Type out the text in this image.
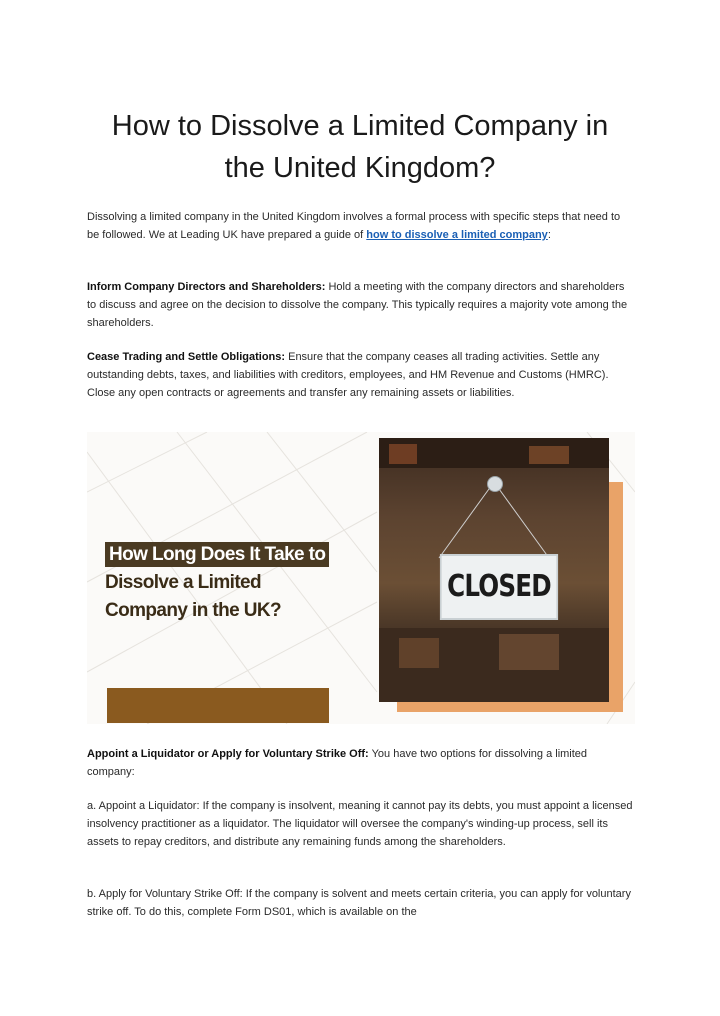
How to Dissolve a Limited Company in
the United Kingdom?

Dissolving a limited company in the United Kingdom involves a formal process with specific steps that need to be followed. We at Leading UK have prepared a guide of how to dissolve a limited company:

Inform Company Directors and Shareholders: Hold a meeting with the company directors and shareholders to discuss and agree on the decision to dissolve the company. This typically requires a majority vote among the shareholders.

Cease Trading and Settle Obligations: Ensure that the company ceases all trading activities. Settle any outstanding debts, taxes, and liabilities with creditors, employees, and HM Revenue and Customs (HMRC). Close any open contracts or agreements and transfer any remaining assets or liabilities.

How Long Does It Take to
Dissolve a Limited
Company in the UK?
CLOSED

Appoint a Liquidator or Apply for Voluntary Strike Off: You have two options for dissolving a limited company:

a. Appoint a Liquidator: If the company is insolvent, meaning it cannot pay its debts, you must appoint a licensed insolvency practitioner as a liquidator. The liquidator will oversee the company's winding-up process, sell its assets to repay creditors, and distribute any remaining funds among the shareholders.

b. Apply for Voluntary Strike Off: If the company is solvent and meets certain criteria, you can apply for voluntary strike off. To do this, complete Form DS01, which is available on the
